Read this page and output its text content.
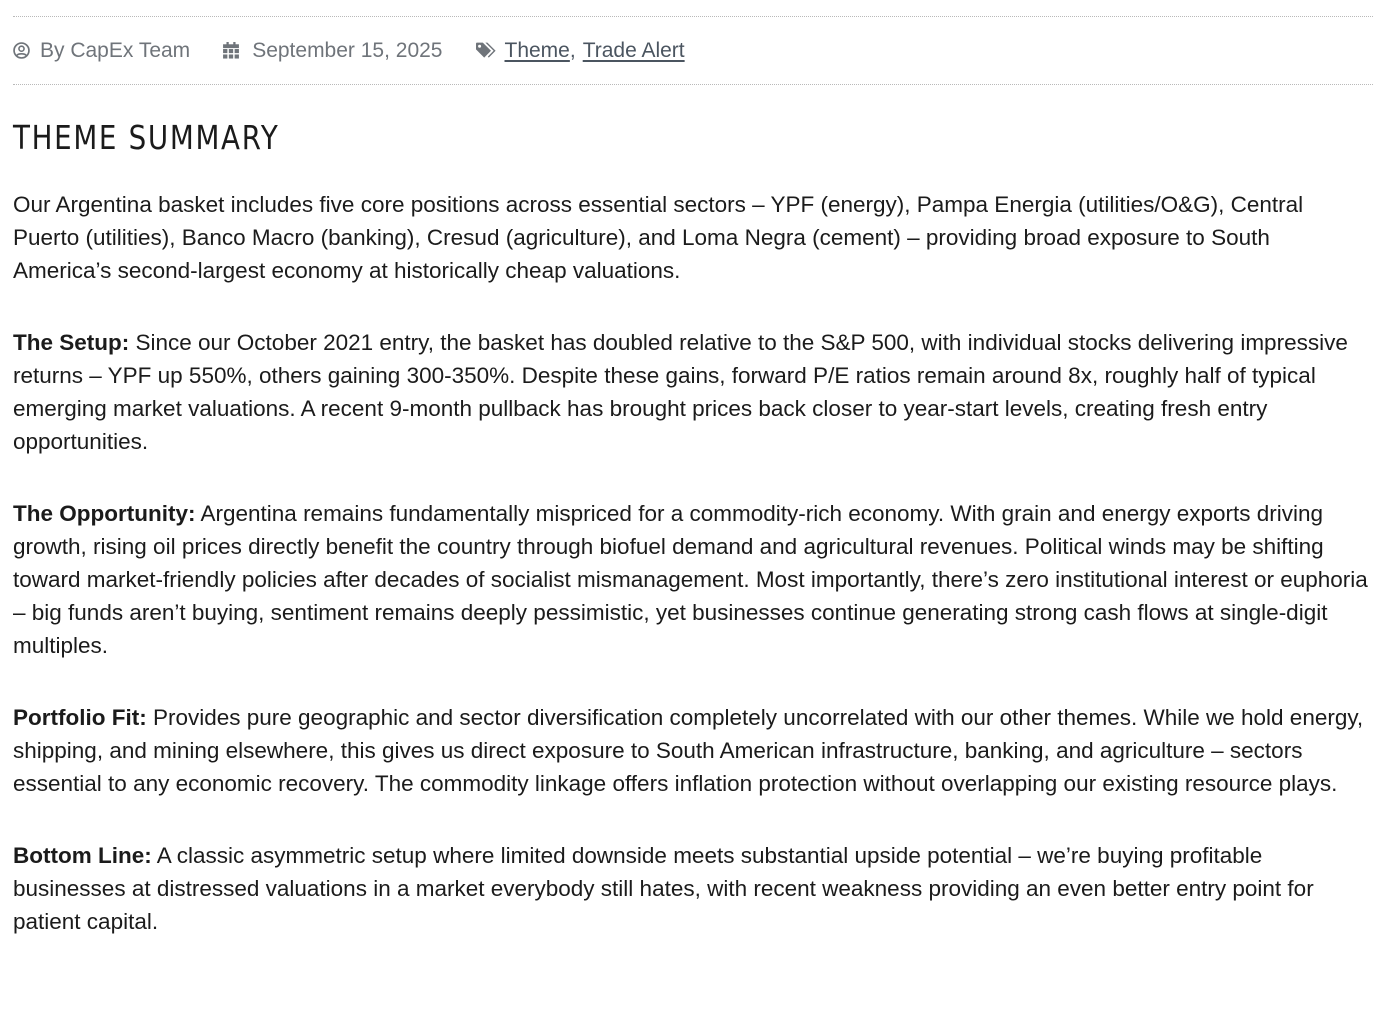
By CapEx Team	September 15, 2025	Theme , Trade Alert
THEME SUMMARY

Our Argentina basket includes five core positions across essential sectors – YPF (energy), Pampa Energia (utilities/O&G), Central Puerto (utilities), Banco Macro (banking), Cresud (agriculture), and Loma Negra (cement) – providing broad exposure to South America’s second-largest economy at historically cheap valuations.

The Setup: Since our October 2021 entry, the basket has doubled relative to the S&P 500, with individual stocks delivering impressive returns – YPF up 550%, others gaining 300-350%. Despite these gains, forward P/E ratios remain around 8x, roughly half of typical emerging market valuations. A recent 9-month pullback has brought prices back closer to year-start levels, creating fresh entry opportunities.

The Opportunity: Argentina remains fundamentally mispriced for a commodity-rich economy. With grain and energy exports driving growth, rising oil prices directly benefit the country through biofuel demand and agricultural revenues. Political winds may be shifting toward market-friendly policies after decades of socialist mismanagement. Most importantly, there’s zero institutional interest or euphoria – big funds aren’t buying, sentiment remains deeply pessimistic, yet businesses continue generating strong cash flows at single-digit multiples.

Portfolio Fit: Provides pure geographic and sector diversification completely uncorrelated with our other themes. While we hold energy, shipping, and mining elsewhere, this gives us direct exposure to South American infrastructure, banking, and agriculture – sectors essential to any economic recovery. The commodity linkage offers inflation protection without overlapping our existing resource plays.

Bottom Line: A classic asymmetric setup where limited downside meets substantial upside potential – we’re buying profitable businesses at distressed valuations in a market everybody still hates, with recent weakness providing an even better entry point for patient capital.
